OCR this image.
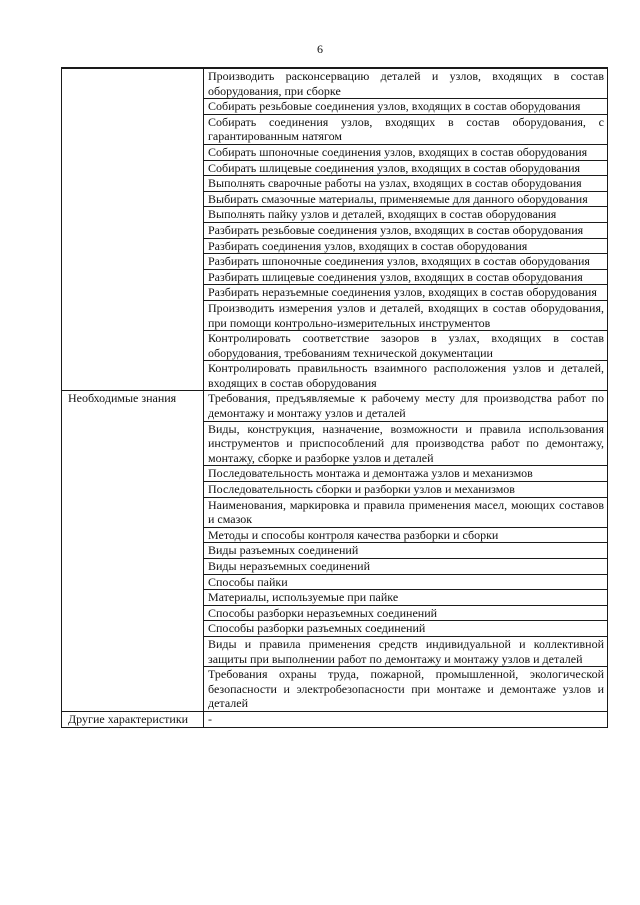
6
	Производить расконсервацию деталей и узлов, входящих в состав оборудования, при сборке
	Собирать резьбовые соединения узлов, входящих в состав оборудования
	Собирать соединения узлов, входящих в состав оборудования, с гарантированным натягом
	Собирать шпоночные соединения узлов, входящих в состав оборудования
	Собирать шлицевые соединения узлов, входящих в состав оборудования
	Выполнять сварочные работы на узлах, входящих в состав оборудования
	Выбирать смазочные материалы, применяемые для данного оборудования
	Выполнять пайку узлов и деталей, входящих в состав оборудования
	Разбирать резьбовые соединения узлов, входящих в состав оборудования
	Разбирать соединения узлов, входящих в состав оборудования
	Разбирать шпоночные соединения узлов, входящих в состав оборудования
	Разбирать шлицевые соединения узлов, входящих в состав оборудования
	Разбирать неразъемные соединения узлов, входящих в состав оборудования
	Производить измерения узлов и деталей, входящих в состав оборудования, при помощи контрольно-измерительных инструментов
	Контролировать соответствие зазоров в узлах, входящих в состав оборудования, требованиям технической документации
	Контролировать правильность взаимного расположения узлов и деталей, входящих в состав оборудования

Необходимые знания	Требования, предъявляемые к рабочему месту для производства работ по демонтажу и монтажу узлов и деталей
	Виды, конструкция, назначение, возможности и правила использования инструментов и приспособлений для производства работ по демонтажу, монтажу, сборке и разборке узлов и деталей
	Последовательность монтажа и демонтажа узлов и механизмов
	Последовательность сборки и разборки узлов и механизмов
	Наименования, маркировка и правила применения масел, моющих составов и смазок
	Методы и способы контроля качества разборки и сборки
	Виды разъемных соединений
	Виды неразъемных соединений
	Способы пайки
	Материалы, используемые при пайке
	Способы разборки неразъемных соединений
	Способы разборки разъемных соединений
	Виды и правила применения средств индивидуальной и коллективной защиты при выполнении работ по демонтажу и монтажу узлов и деталей
	Требования охраны труда, пожарной, промышленной, экологической безопасности и электробезопасности при монтаже и демонтаже узлов и деталей

Другие характеристики	-
